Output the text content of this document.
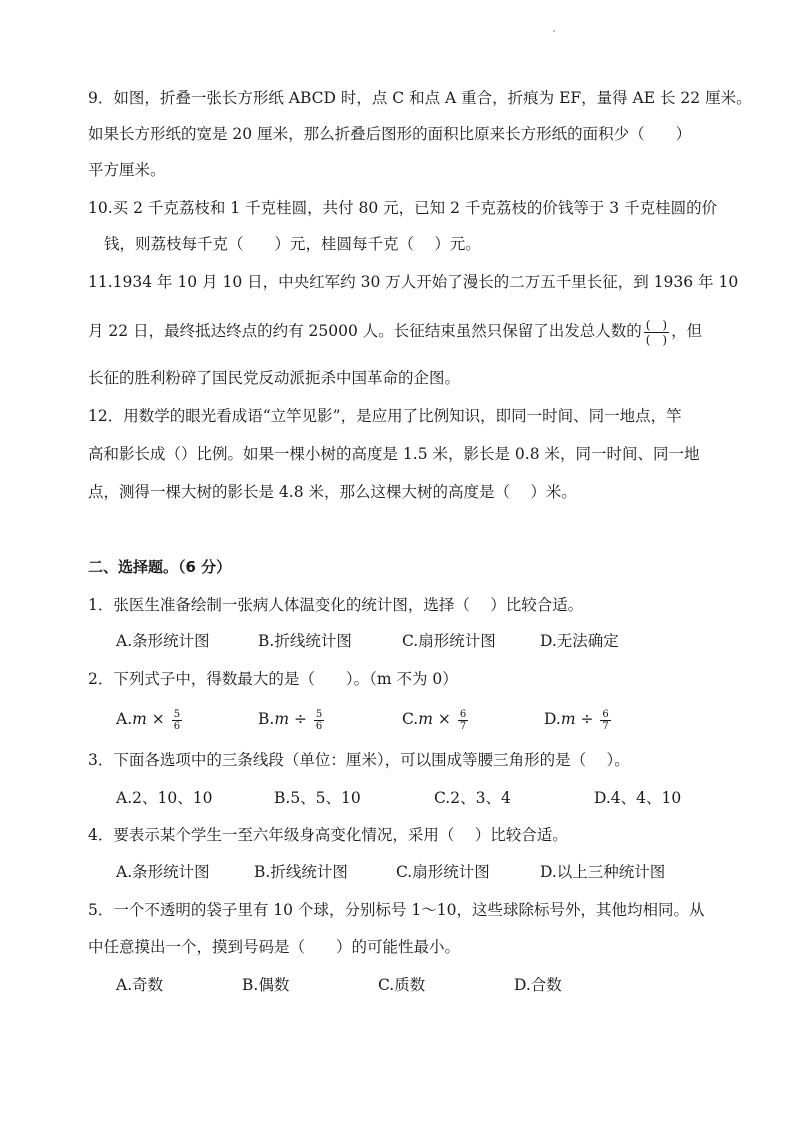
9．如图，折叠一张长方形纸 ABCD 时，点 C 和点 A 重合，折痕为 EF，量得 AE 长 22 厘米。
如果长方形纸的宽是 20 厘米，那么折叠后图形的面积比原来长方形纸的面积少（　　）
平方厘米。
10.买 2 千克荔枝和 1 千克桂圆，共付 80 元，已知 2 千克荔枝的价钱等于 3 千克桂圆的价
钱，则荔枝每千克（　　）元，桂圆每千克（　 ）元。
11.1934 年 10 月 10 日，中央红军约 30 万人开始了漫长的二万五千里长征，到 1936 年 10
月 22 日，最终抵达终点的约有 25000 人。长征结束虽然只保留了出发总人数的 $\frac{( )}{( )}$ ，但
长征的胜利粉碎了国民党反动派扼杀中国革命的企图。
12．用数学的眼光看成语“立竿见影”，是应用了比例知识，即同一时间、同一地点，竿
高和影长成（）比例。如果一棵小树的高度是 1.5 米，影长是 0.8 米，同一时间、同一地
点，测得一棵大树的影长是 4.8 米，那么这棵大树的高度是（　 ）米。
二、选择题。（6 分）
1．张医生准备绘制一张病人体温变化的统计图，选择（　 ）比较合适。
A.条形统计图	B.折线统计图	C.扇形统计图	D.无法确定
2．下列式子中，得数最大的是（　　）。（m 不为 0）
$A.m \times \frac{5}{6}$	$B.m \div \frac{5}{6}$	$C.m \times \frac{6}{7}$	$D.m \div \frac{6}{7}$
3．下面各选项中的三条线段（单位：厘米），可以围成等腰三角形的是（　 ）。
A.2、10、10	B.5、5、10	C.2、3、4	D.4、4、10
4．要表示某个学生一至六年级身高变化情况，采用（　 ）比较合适。
A.条形统计图	B.折线统计图	C.扇形统计图	D.以上三种统计图
5．一个不透明的袋子里有 10 个球，分别标号 1～10，这些球除标号外，其他均相同。从
中任意摸出一个，摸到号码是（　　）的可能性最小。
A.奇数	B.偶数	C.质数	D.合数
